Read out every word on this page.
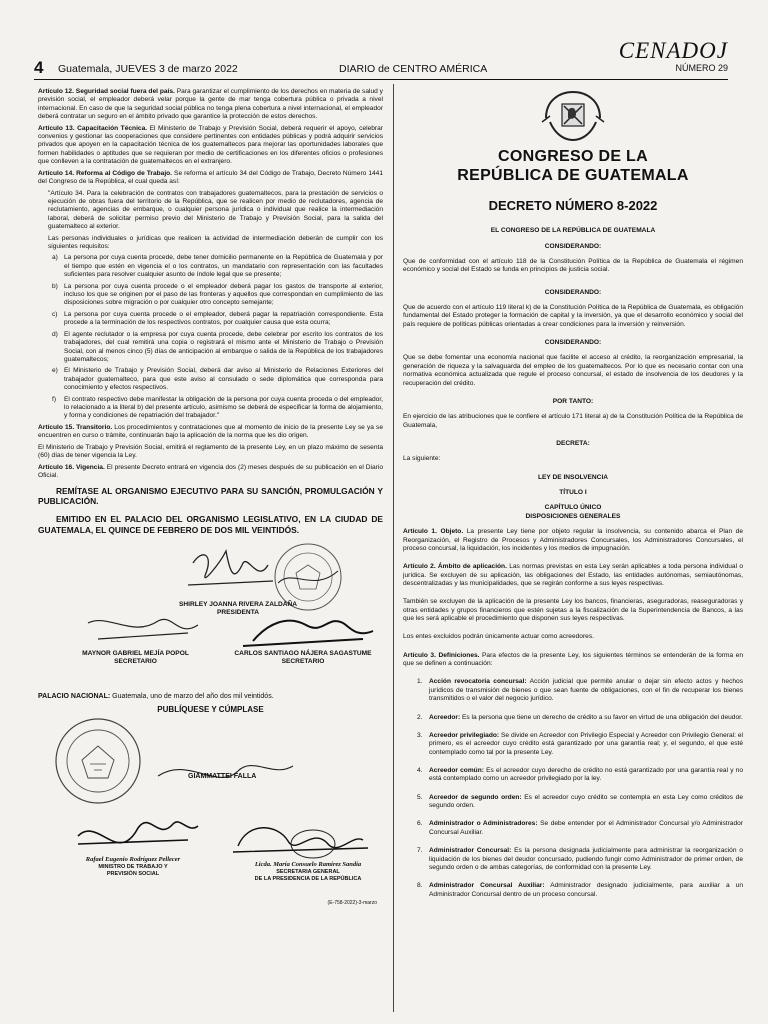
CENADOJ
4 Guatemala, JUEVES 3 de marzo 2022	DIARIO de CENTRO AMÉRICA	NÚMERO 29

Artículo 12. Seguridad social fuera del país. Para garantizar el cumplimiento de los derechos en materia de salud y previsión social, el empleador deberá velar porque la gente de mar tenga cobertura pública o privada a nivel internacional. En caso de que la seguridad social pública no tenga plena cobertura a nivel internacional, el empleador deberá contratar un seguro en el ámbito privado que garantice la protección de estos derechos.

Artículo 13. Capacitación Técnica. El Ministerio de Trabajo y Previsión Social, deberá requerir el apoyo, celebrar convenios y gestionar las cooperaciones que considere pertinentes con entidades públicas y podrá adquirir servicios privados que apoyen en la capacitación técnica de los guatemaltecos para mejorar las oportunidades laborales que formen habilidades o aptitudes que se requieran por medio de certificaciones en los diferentes oficios o profesiones que conlleven a la contratación de guatemaltecos en el extranjero.

Artículo 14. Reforma al Código de Trabajo. Se reforma el artículo 34 del Código de Trabajo, Decreto Número 1441 del Congreso de la República, el cual queda así:

"Artículo 34. Para la celebración de contratos con trabajadores guatemaltecos, para la prestación de servicios o ejecución de obras fuera del territorio de la República, que se realicen por medio de reclutadores, agencia de reclutamiento, agencias de embarque, o cualquier persona jurídica o individual que realice la intermediación laboral, deberá de solicitar permiso previo del Ministerio de Trabajo y Previsión Social, para la salida del guatemalteco al exterior.

Las personas individuales o jurídicas que realicen la actividad de intermediación deberán de cumplir con los siguientes requisitos:

a) La persona por cuya cuenta procede, debe tener domicilio permanente en la República de Guatemala y por el tiempo que estén en vigencia el o los contratos, un mandatario con representación con las facultades suficientes para resolver cualquier asunto de índole legal que se presente;
b) La persona por cuya cuenta procede o el empleador deberá pagar los gastos de transporte al exterior, incluso los que se originen por el paso de las fronteras y aquellos que correspondan en cumplimiento de las disposiciones sobre migración o por cualquier otro concepto semejante;
c) La persona por cuya cuenta procede o el empleador, deberá pagar la repatriación correspondiente. Esta procede a la terminación de los respectivos contratos, por cualquier causa que esta ocurra;
d) El agente reclutador o la empresa por cuya cuenta procede, debe celebrar por escrito los contratos de los trabajadores, del cual remitirá una copia o registrará el mismo ante el Ministerio de Trabajo o Previsión Social, con al menos cinco (5) días de anticipación al embarque o salida de la República de los trabajadores guatemaltecos;
e) El Ministerio de Trabajo y Previsión Social, deberá dar aviso al Ministerio de Relaciones Exteriores del trabajador guatemalteco, para que este aviso al consulado o sede diplomática que corresponda para conocimiento y efectos respectivos.
f)	El contrato respectivo debe manifestar la obligación de la persona por cuya cuenta proceda o del empleador, lo relacionado a la literal b) del presente artículo, asimismo se deberá de especificar la forma de alojamiento, y forma y condiciones de repatriación del trabajador."

Artículo 15. Transitorio. Los procedimientos y contrataciones que al momento de inicio de la presente Ley se ya se encuentren en curso o trámite, continuarán bajo la aplicación de la norma que les dio origen.

El Ministerio de Trabajo y Previsión Social, emitirá el reglamento de la presente Ley, en un plazo máximo de sesenta (60) días de tener vigencia la Ley.

Artículo 16. Vigencia. El presente Decreto entrará en vigencia dos (2) meses después de su publicación en el Diario Oficial.

REMÍTASE AL ORGANISMO EJECUTIVO PARA SU SANCIÓN, PROMULGACIÓN Y PUBLICACIÓN.
EMITIDO EN EL PALACIO DEL ORGANISMO LEGISLATIVO, EN LA CIUDAD DE GUATEMALA, EL QUINCE DE FEBRERO DE DOS MIL VEINTIDÓS.
SHIRLEY JOANNA RIVERA ZALDAÑA
PRESIDENTA
MAYNOR GABRIEL MEJÍA POPOL
SECRETARIO
CARLOS SANTIAGO NÁJERA SAGASTUME
SECRETARIO

PALACIO NACIONAL: Guatemala, uno de marzo del año dos mil veintidós.

PUBLÍQUESE Y CÚMPLASE
GIAMMATTEI FALLA
Rafael Eugenio Rodríguez Pellecer
MINISTRO DE TRABAJO Y
PREVISIÓN SOCIAL
Licda. María Consuelo Ramírez Sandía
SECRETARIA GENERAL
DE LA PRESIDENCIA DE LA REPÚBLICA
(E-758-2022)-3-marzo
CONGRESO DE LA
REPÚBLICA DE GUATEMALA
DECRETO NÚMERO 8-2022
EL CONGRESO DE LA REPÚBLICA DE GUATEMALA
CONSIDERANDO:

Que de conformidad con el artículo 118 de la Constitución Política de la República de Guatemala el régimen económico y social del Estado se funda en principios de justicia social.

CONSIDERANDO:

Que de acuerdo con el artículo 119 literal k) de la Constitución Política de la República de Guatemala, es obligación fundamental del Estado proteger la formación de capital y la inversión, ya que el desarrollo económico y social del país requiere de políticas públicas orientadas a crear condiciones para la inversión y reinversión.

CONSIDERANDO:

Que se debe fomentar una economía nacional que facilite el acceso al crédito, la reorganización empresarial, la generación de riqueza y la salvaguarda del empleo de los guatemaltecos. Por lo que es necesario contar con una normativa económica actualizada que regule el proceso concursal, el estado de insolvencia de los deudores y la recuperación del crédito.

POR TANTO:

En ejercicio de las atribuciones que le confiere el artículo 171 literal a) de la Constitución Política de la República de Guatemala,

DECRETA:

La siguiente:

LEY DE INSOLVENCIA
TÍTULO I
CAPÍTULO ÚNICO
DISPOSICIONES GENERALES

Artículo 1. Objeto. La presente Ley tiene por objeto regular la insolvencia, su contenido abarca el Plan de Reorganización, el Registro de Procesos y Administradores Concursales, los Administradores Concursales, el proceso concursal, la liquidación, los incidentes y los medios de impugnación.

Artículo 2. Ámbito de aplicación. Las normas previstas en esta Ley serán aplicables a toda persona individual o jurídica. Se excluyen de su aplicación, las obligaciones del Estado, las entidades autónomas, semiautónomas, descentralizadas y las municipalidades, que se regirán conforme a sus leyes respectivas.

También se excluyen de la aplicación de la presente Ley los bancos, financieras, aseguradoras, reaseguradoras y otras entidades y grupos financieros que estén sujetas a la fiscalización de la Superintendencia de Bancos, a las que les será aplicable el procedimiento que disponen sus leyes respectivas.

Los entes excluidos podrán únicamente actuar como acreedores.

Artículo 3. Definiciones. Para efectos de la presente Ley, los siguientes términos se entenderán de la forma en que se definen a continuación:

1. Acción revocatoria concursal: Acción judicial que permite anular o dejar sin efecto actos y hechos jurídicos de transmisión de bienes o que sean fuente de obligaciones, con el fin de recuperar los bienes transmitidos o el valor del negocio jurídico.
2. Acreedor: Es la persona que tiene un derecho de crédito a su favor en virtud de una obligación del deudor.
3. Acreedor privilegiado: Se divide en Acreedor con Privilegio Especial y Acreedor con Privilegio General: el primero, es el acreedor cuyo crédito está garantizado por una garantía real; y, el segundo, el que esté contemplado como tal por la presente Ley.
4. Acreedor común: Es el acreedor cuyo derecho de crédito no está garantizado por una garantía real y no está contemplado como un acreedor privilegiado por la ley.
5. Acreedor de segundo orden: Es el acreedor cuyo crédito se contempla en esta Ley como créditos de segundo orden.
6. Administrador o Administradores: Se debe entender por el Administrador Concursal y/o Administrador Concursal Auxiliar.
7. Administrador Concursal: Es la persona designada judicialmente para administrar la reorganización o liquidación de los bienes del deudor concursado, pudiendo fungir como Administrador de primer orden, de segundo orden o de ambas categorías, de conformidad con la presente Ley.
8. Administrador Concursal Auxiliar: Administrador designado judicialmente, para auxiliar a un Administrador Concursal dentro de un proceso concursal.
